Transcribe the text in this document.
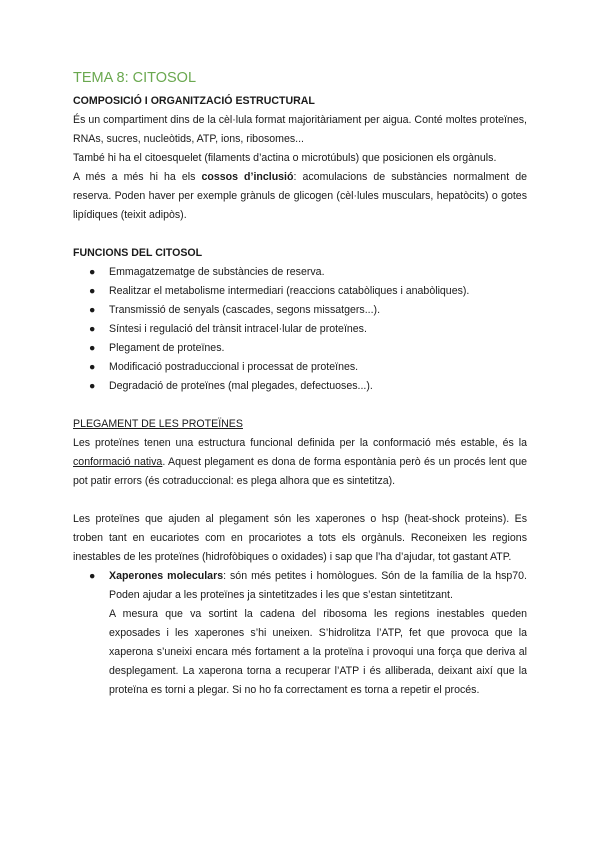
TEMA 8: CITOSOL

COMPOSICIÓ I ORGANITZACIÓ ESTRUCTURAL

És un compartiment dins de la cèl·lula format majoritàriament per aigua. Conté moltes proteïnes, RNAs, sucres, nucleòtids, ATP, ions, ribosomes...

També hi ha el citoesquelet (filaments d’actina o microtúbuls) que posicionen els orgànuls.

A més a més hi ha els cossos d’inclusió: acomulacions de substàncies normalment de reserva. Poden haver per exemple grànuls de glicogen (cèl·lules musculars, hepatòcits) o gotes lipídiques (teixit adipòs).

FUNCIONS DEL CITOSOL

● Emmagatzematge de substàncies de reserva.
● Realitzar el metabolisme intermediari (reaccions catabòliques i anabòliques).
● Transmissió de senyals (cascades, segons missatgers...).
● Síntesi i regulació del trànsit intracel·lular de proteïnes.
● Plegament de proteïnes.
● Modificació postraduccional i processat de proteïnes.
● Degradació de proteïnes (mal plegades, defectuoses...).

PLEGAMENT DE LES PROTEÏNES

Les proteïnes tenen una estructura funcional definida per la conformació més estable, és la conformació nativa. Aquest plegament es dona de forma espontània però és un procés lent que pot patir errors (és cotraduccional: es plega alhora que es sintetitza).

Les proteïnes que ajuden al plegament són les xaperones o hsp (heat-shock proteins). Es troben tant en eucariotes com en procariotes a tots els orgànuls. Reconeixen les regions inestables de les proteïnes (hidrofòbiques o oxidades) i sap que l’ha d’ajudar, tot gastant ATP.

● Xaperones moleculars: són més petites i homòlogues. Són de la família de la hsp70. Poden ajudar a les proteïnes ja sintetitzades i les que s’estan sintetitzant.

A mesura que va sortint la cadena del ribosoma les regions inestables queden exposades i les xaperones s’hi uneixen. S’hidrolitza l’ATP, fet que provoca que la xaperona s’uneixi encara més fortament a la proteïna i provoqui una força que deriva al desplegament. La xaperona torna a recuperar l’ATP i és alliberada, deixant així que la proteïna es torni a plegar. Si no ho fa correctament es torna a repetir el procés.
